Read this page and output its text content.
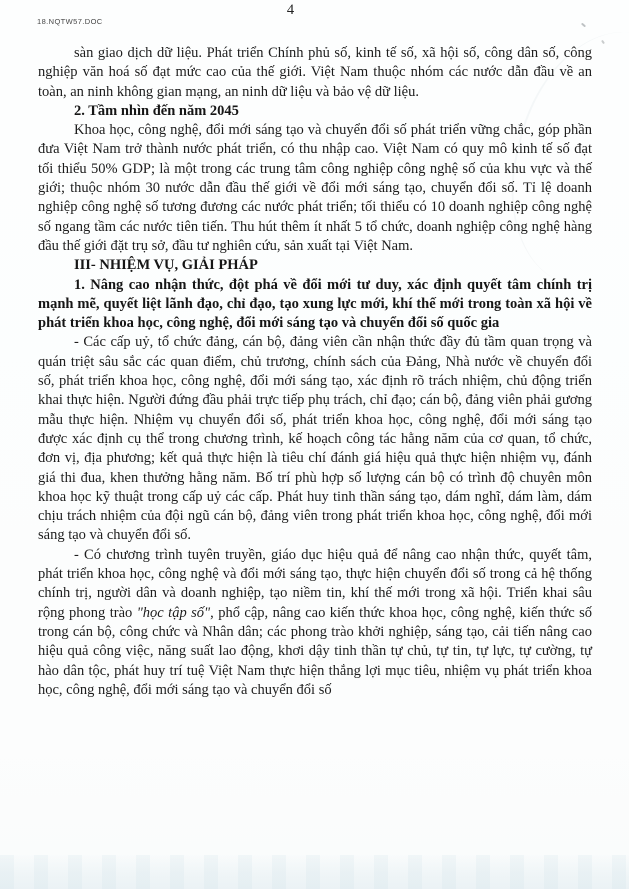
18.NQTW57.DOC
4

sàn giao dịch dữ liệu. Phát triển Chính phủ số, kinh tế số, xã hội số, công dân số, công nghiệp văn hoá số đạt mức cao của thế giới. Việt Nam thuộc nhóm các nước dẫn đầu về an toàn, an ninh không gian mạng, an ninh dữ liệu và bảo vệ dữ liệu.

2. Tầm nhìn đến năm 2045

Khoa học, công nghệ, đổi mới sáng tạo và chuyển đổi số phát triển vững chắc, góp phần đưa Việt Nam trở thành nước phát triển, có thu nhập cao. Việt Nam có quy mô kinh tế số đạt tối thiểu 50% GDP; là một trong các trung tâm công nghiệp công nghệ số của khu vực và thế giới; thuộc nhóm 30 nước dẫn đầu thế giới về đổi mới sáng tạo, chuyển đổi số. Tỉ lệ doanh nghiệp công nghệ số tương đương các nước phát triển; tối thiểu có 10 doanh nghiệp công nghệ số ngang tầm các nước tiên tiến. Thu hút thêm ít nhất 5 tổ chức, doanh nghiệp công nghệ hàng đầu thế giới đặt trụ sở, đầu tư nghiên cứu, sản xuất tại Việt Nam.

III- NHIỆM VỤ, GIẢI PHÁP

1. Nâng cao nhận thức, đột phá về đổi mới tư duy, xác định quyết tâm chính trị mạnh mẽ, quyết liệt lãnh đạo, chỉ đạo, tạo xung lực mới, khí thế mới trong toàn xã hội về phát triển khoa học, công nghệ, đổi mới sáng tạo và chuyển đổi số quốc gia

- Các cấp uỷ, tổ chức đảng, cán bộ, đảng viên cần nhận thức đầy đủ tầm quan trọng và quán triệt sâu sắc các quan điểm, chủ trương, chính sách của Đảng, Nhà nước về chuyển đổi số, phát triển khoa học, công nghệ, đổi mới sáng tạo, xác định rõ trách nhiệm, chủ động triển khai thực hiện. Người đứng đầu phải trực tiếp phụ trách, chỉ đạo; cán bộ, đảng viên phải gương mẫu thực hiện. Nhiệm vụ chuyển đổi số, phát triển khoa học, công nghệ, đổi mới sáng tạo được xác định cụ thể trong chương trình, kế hoạch công tác hằng năm của cơ quan, tổ chức, đơn vị, địa phương; kết quả thực hiện là tiêu chí đánh giá hiệu quả thực hiện nhiệm vụ, đánh giá thi đua, khen thưởng hằng năm. Bố trí phù hợp số lượng cán bộ có trình độ chuyên môn khoa học kỹ thuật trong cấp uỷ các cấp. Phát huy tinh thần sáng tạo, dám nghĩ, dám làm, dám chịu trách nhiệm của đội ngũ cán bộ, đảng viên trong phát triển khoa học, công nghệ, đổi mới sáng tạo và chuyển đổi số.

- Có chương trình tuyên truyền, giáo dục hiệu quả để nâng cao nhận thức, quyết tâm, phát triển khoa học, công nghệ và đổi mới sáng tạo, thực hiện chuyển đổi số trong cả hệ thống chính trị, người dân và doanh nghiệp, tạo niềm tin, khí thế mới trong xã hội. Triển khai sâu rộng phong trào "học tập số", phổ cập, nâng cao kiến thức khoa học, công nghệ, kiến thức số trong cán bộ, công chức và Nhân dân; các phong trào khởi nghiệp, sáng tạo, cải tiến nâng cao hiệu quả công việc, năng suất lao động, khơi dậy tinh thần tự chủ, tự tin, tự lực, tự cường, tự hào dân tộc, phát huy trí tuệ Việt Nam thực hiện thắng lợi mục tiêu, nhiệm vụ phát triển khoa học, công nghệ, đổi mới sáng tạo và chuyển đổi số
